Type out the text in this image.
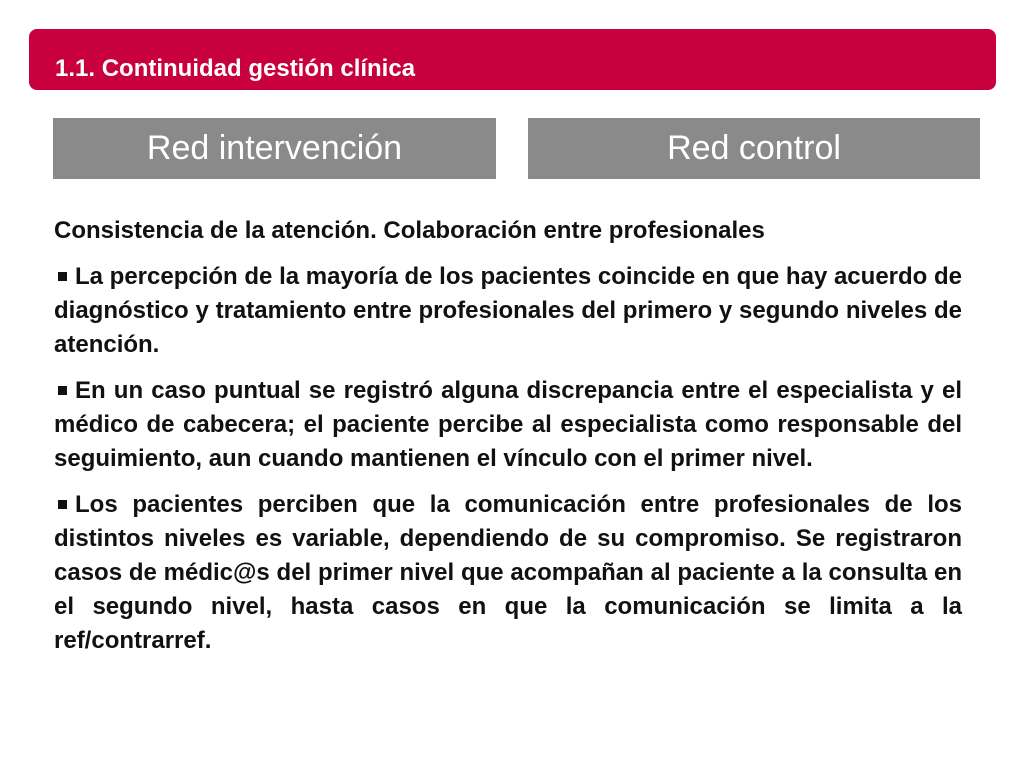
1.1. Continuidad gestión clínica
Red intervención	Red control
Consistencia de la atención. Colaboración entre profesionales
La percepción de la mayoría de los pacientes coincide en que hay acuerdo de diagnóstico y tratamiento entre profesionales del primero y segundo niveles de atención.
En un caso puntual se registró alguna discrepancia entre el especialista y el médico de cabecera; el paciente percibe al especialista como responsable del seguimiento, aun cuando mantienen el vínculo con el primer nivel.
Los pacientes perciben que la comunicación entre profesionales de los distintos niveles es variable, dependiendo de su compromiso. Se registraron casos de médic@s del primer nivel que acompañan al paciente a la consulta en el segundo nivel, hasta casos en que la comunicación se limita a la ref/contrarref.
